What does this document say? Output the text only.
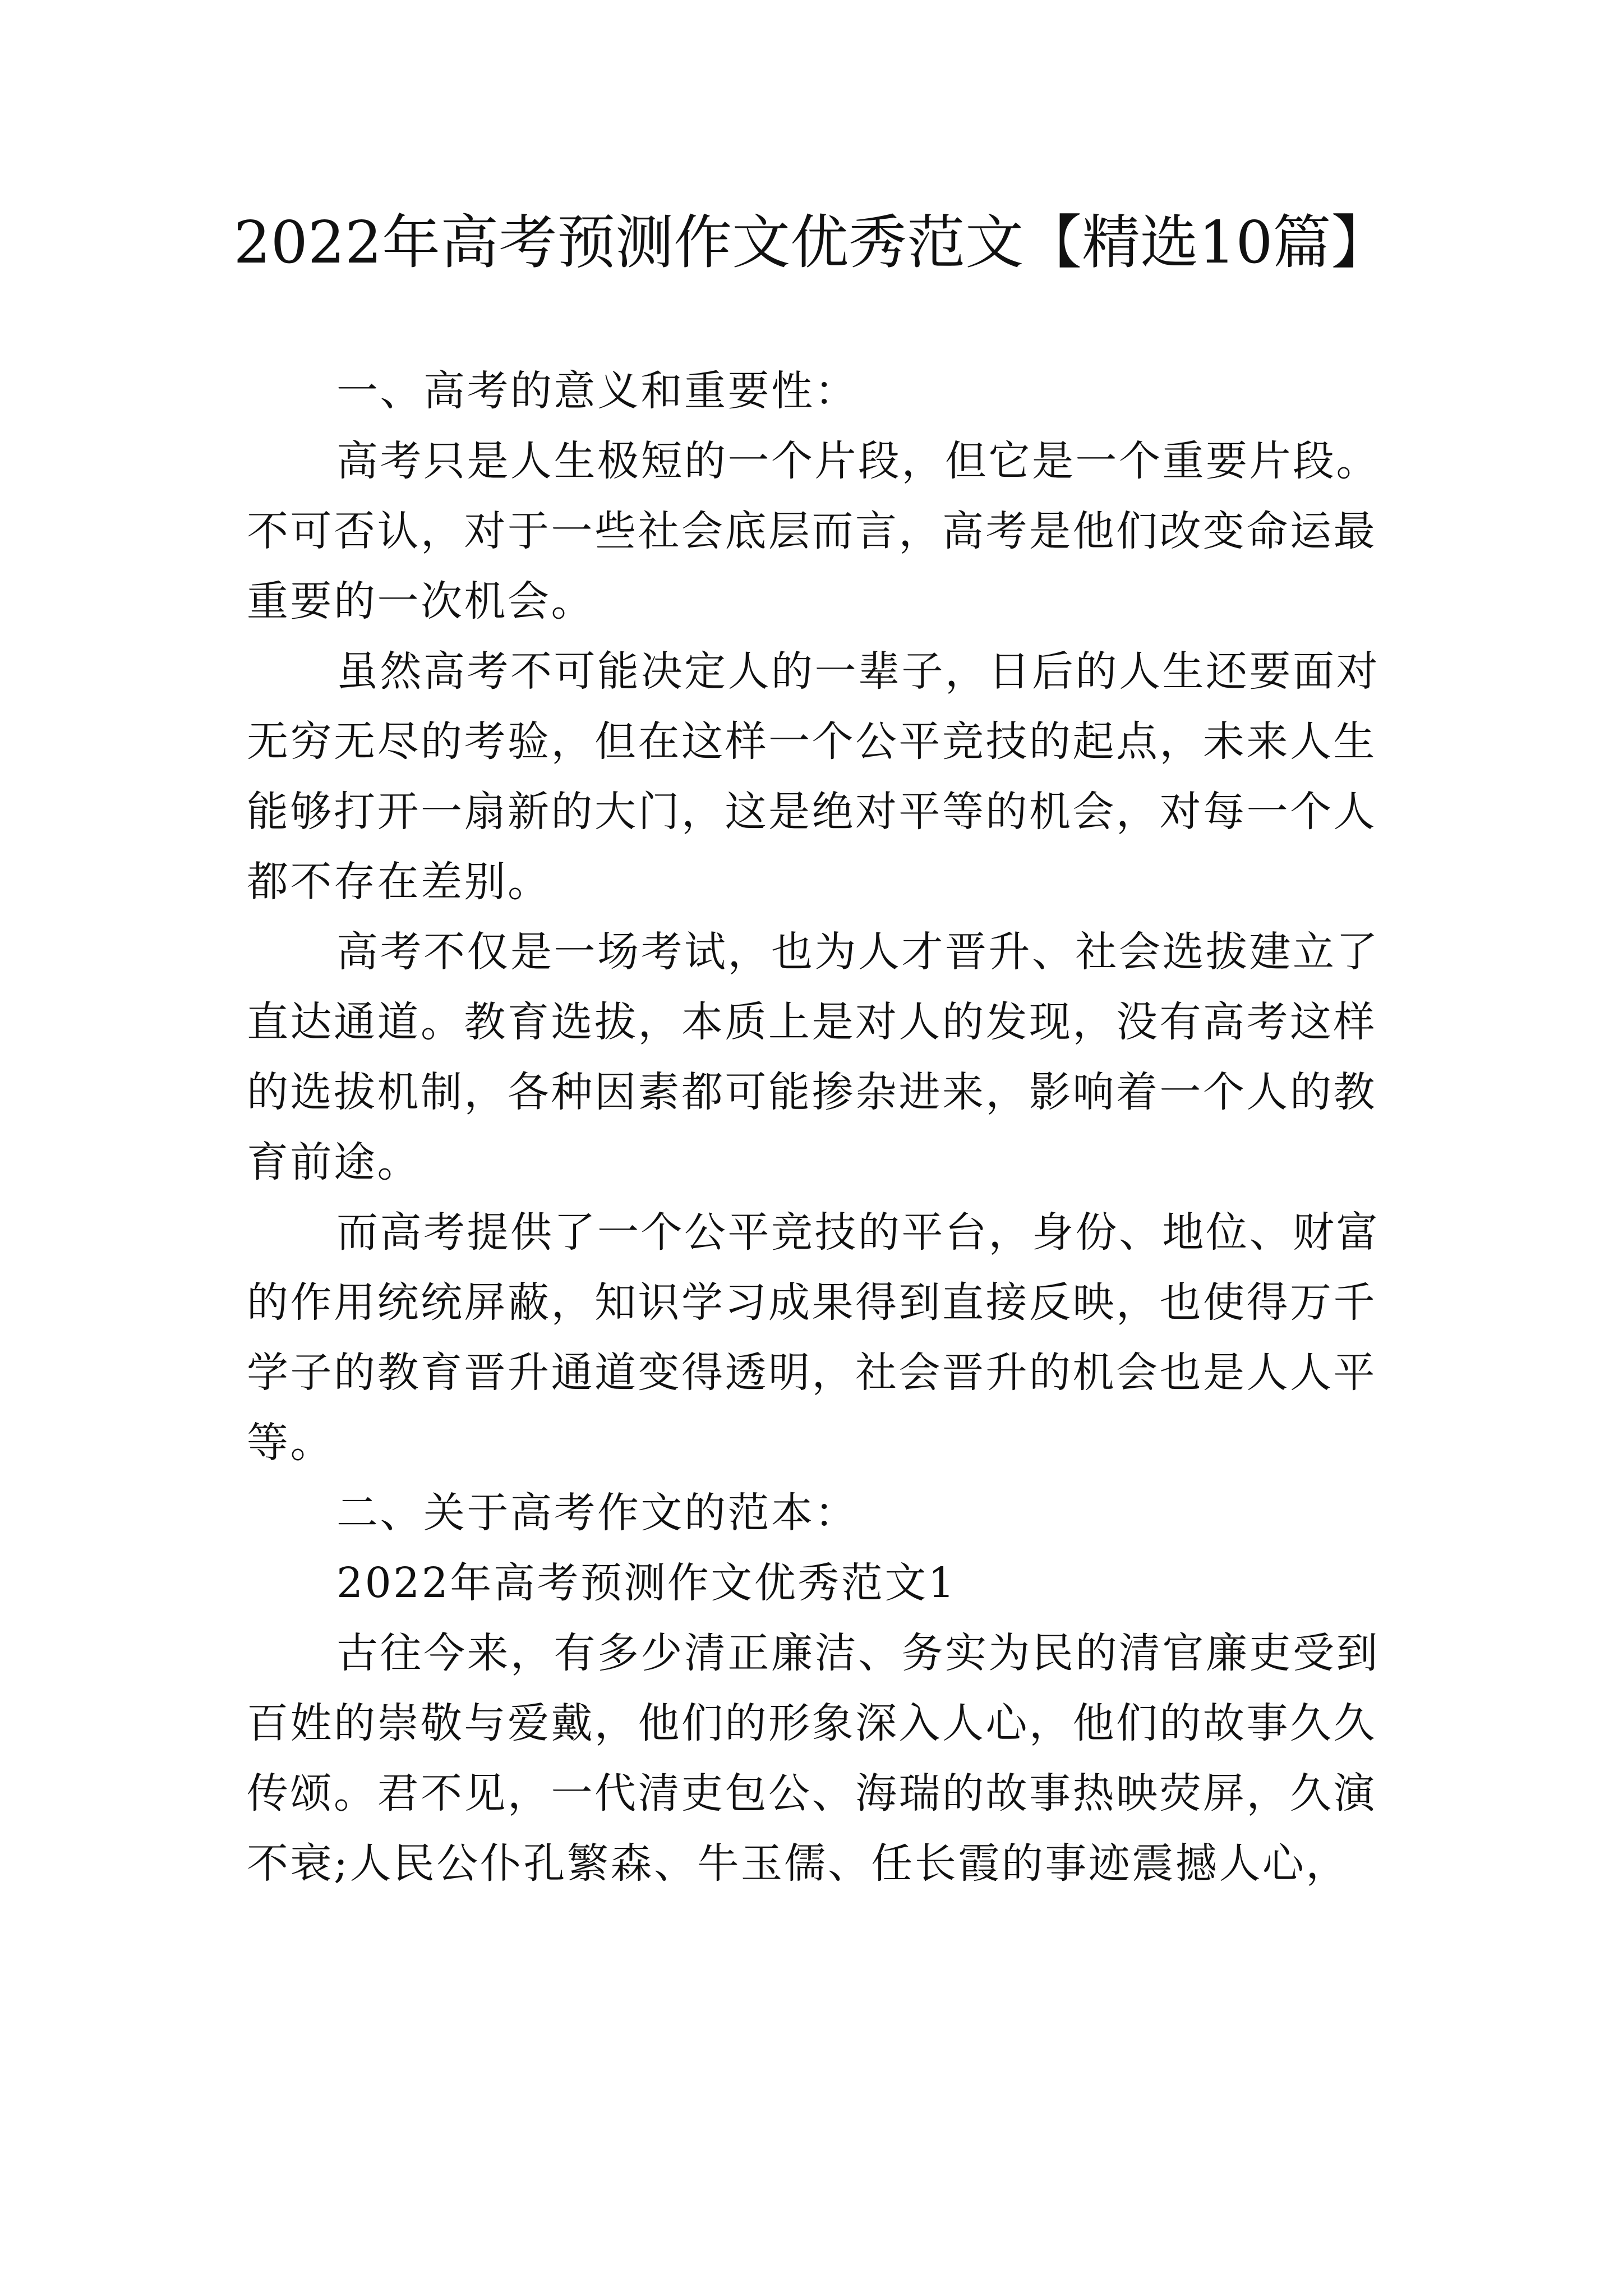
2022年高考预测作文优秀范文【精选10篇】
一、高考的意义和重要性：
高考只是人生极短的一个片段，但它是一个重要片段。
不可否认，对于一些社会底层而言，高考是他们改变命运最
重要的一次机会。
虽然高考不可能决定人的一辈子，日后的人生还要面对
无穷无尽的考验，但在这样一个公平竞技的起点，未来人生
能够打开一扇新的大门，这是绝对平等的机会，对每一个人
都不存在差别。
高考不仅是一场考试，也为人才晋升、社会选拔建立了
直达通道。教育选拔，本质上是对人的发现，没有高考这样
的选拔机制，各种因素都可能掺杂进来，影响着一个人的教
育前途。
而高考提供了一个公平竞技的平台，身份、地位、财富
的作用统统屏蔽，知识学习成果得到直接反映，也使得万千
学子的教育晋升通道变得透明，社会晋升的机会也是人人平
等。
二、关于高考作文的范本：
2022年高考预测作文优秀范文1
古往今来，有多少清正廉洁、务实为民的清官廉吏受到
百姓的崇敬与爱戴，他们的形象深入人心，他们的故事久久
传颂。君不见，一代清吏包公、海瑞的故事热映荧屏，久演
不衰;人民公仆孔繁森、牛玉儒、任长霞的事迹震撼人心，
